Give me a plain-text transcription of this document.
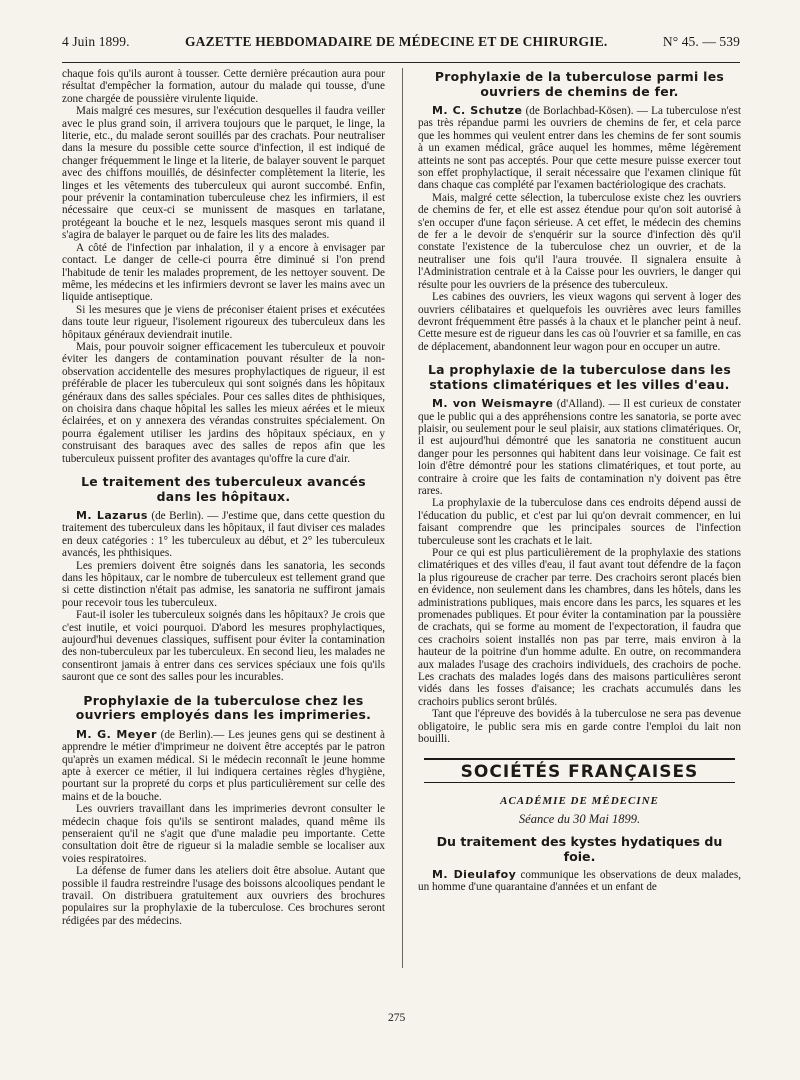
4 Juin 1899.	GAZETTE HEBDOMADAIRE DE MÉDECINE ET DE CHIRURGIE.	N° 45. — 539

chaque fois qu'ils auront à tousser. Cette dernière précaution aura pour résultat d'empêcher la formation, autour du malade qui tousse, d'une zone chargée de poussière virulente liquide.

Mais malgré ces mesures, sur l'exécution desquelles il faudra veiller avec le plus grand soin, il arrivera toujours que le parquet, le linge, la literie, etc., du malade seront souillés par des crachats. Pour neutraliser dans la mesure du possible cette source d'infection, il est indiqué de changer fréquemment le linge et la literie, de balayer souvent le parquet avec des chiffons mouillés, de désinfecter complètement la literie, les linges et les vêtements des tuberculeux qui auront succombé. Enfin, pour prévenir la contamination tuberculeuse chez les infirmiers, il est nécessaire que ceux-ci se munissent de masques en tarlatane, protégeant la bouche et le nez, lesquels masques seront mis quand il s'agira de balayer le parquet ou de faire les lits des malades.

A côté de l'infection par inhalation, il y a encore à envisager par contact. Le danger de celle-ci pourra être diminué si l'on prend l'habitude de tenir les malades proprement, de les nettoyer souvent. De même, les médecins et les infirmiers devront se laver les mains avec un liquide antiseptique.

Si les mesures que je viens de préconiser étaient prises et exécutées dans toute leur rigueur, l'isolement rigoureux des tuberculeux dans les hôpitaux généraux deviendrait inutile.

Mais, pour pouvoir soigner efficacement les tuberculeux et pouvoir éviter les dangers de contamination pouvant résulter de la non-observation accidentelle des mesures prophylactiques de rigueur, il est préférable de placer les tuberculeux qui sont soignés dans les hôpitaux généraux dans des salles spéciales. Pour ces salles dites de phthisiques, on choisira dans chaque hôpital les salles les mieux aérées et le mieux éclairées, et on y annexera des vérandas construites spécialement. On pourra également utiliser les jardins des hôpitaux spéciaux, en y construisant des baraques avec des salles de repos afin que les tuberculeux puissent profiter des avantages qu'offre la cure d'air.

Le traitement des tuberculeux avancés dans les hôpitaux.

M. Lazarus (de Berlin). — J'estime que, dans cette question du traitement des tuberculeux dans les hôpitaux, il faut diviser ces malades en deux catégories : 1° les tuberculeux au début, et 2° les tuberculeux avancés, les phthisiques.

Les premiers doivent être soignés dans les sanatoria, les seconds dans les hôpitaux, car le nombre de tuberculeux est tellement grand que si cette distinction n'était pas admise, les sanatoria ne suffiront jamais pour recevoir tous les tuberculeux.

Faut-il isoler les tuberculeux soignés dans les hôpitaux? Je crois que c'est inutile, et voici pourquoi. D'abord les mesures prophylactiques, aujourd'hui devenues classiques, suffisent pour éviter la contamination des non-tuberculeux par les tuberculeux. En second lieu, les malades ne consentiront jamais à entrer dans ces services spéciaux une fois qu'ils sauront que ce sont des salles pour les incurables.

Prophylaxie de la tuberculose chez les ouvriers employés dans les imprimeries.

M. G. Meyer (de Berlin).— Les jeunes gens qui se destinent à apprendre le métier d'imprimeur ne doivent être acceptés par le patron qu'après un examen médical. Si le médecin reconnaît le jeune homme apte à exercer ce métier, il lui indiquera certaines règles d'hygiène, pourtant sur la propreté du corps et plus particulièrement sur celle des mains et de la bouche.

Les ouvriers travaillant dans les imprimeries devront consulter le médecin chaque fois qu'ils se sentiront malades, quand même ils penseraient qu'il ne s'agit que d'une maladie peu importante. Cette consultation doit être de rigueur si la maladie semble se localiser aux voies respiratoires.

La défense de fumer dans les ateliers doit être absolue. Autant que possible il faudra restreindre l'usage des boissons alcooliques pendant le travail. On distribuera gratuitement aux ouvriers des brochures populaires sur la prophylaxie de la tuberculose. Ces brochures seront rédigées par des médecins.

Prophylaxie de la tuberculose parmi les ouvriers de chemins de fer.

M. C. Schutze (de Borlachbad-Kösen). — La tuberculose n'est pas très répandue parmi les ouvriers de chemins de fer, et cela parce que les hommes qui veulent entrer dans les chemins de fer sont soumis à un examen médical, grâce auquel les hommes, même légèrement atteints ne sont pas acceptés. Pour que cette mesure puisse exercer tout son effet prophylactique, il serait nécessaire que l'examen clinique fût dans chaque cas complété par l'examen bactériologique des crachats.

Mais, malgré cette sélection, la tuberculose existe chez les ouvriers de chemins de fer, et elle est assez étendue pour qu'on soit autorisé à s'en occuper d'une façon sérieuse. A cet effet, le médecin des chemins de fer a le devoir de s'enquérir sur la source d'infection dès qu'il constate l'existence de la tuberculose chez un ouvrier, et de la neutraliser une fois qu'il l'aura trouvée. Il signalera ensuite à l'Administration centrale et à la Caisse pour les ouvriers, le danger qui résulte pour les ouvriers de la présence des tuberculeux.

Les cabines des ouvriers, les vieux wagons qui servent à loger des ouvriers célibataires et quelquefois les ouvrières avec leurs familles devront fréquemment être passés à la chaux et le plancher peint à neuf. Cette mesure est de rigueur dans les cas où l'ouvrier et sa famille, en cas de déplacement, abandonnent leur wagon pour en occuper un autre.

La prophylaxie de la tuberculose dans les stations climatériques et les villes d'eau.

M. von Weismayre (d'Alland). — Il est curieux de constater que le public qui a des appréhensions contre les sanatoria, se porte avec plaisir, ou seulement pour le seul plaisir, aux stations climatériques. Or, il est aujourd'hui démontré que les sanatoria ne constituent aucun danger pour les personnes qui habitent dans leur voisinage. Ce fait est loin d'être démontré pour les stations climatériques, et tout porte, au contraire à croire que les faits de contamination n'y doivent pas être rares.

La prophylaxie de la tuberculose dans ces endroits dépend aussi de l'éducation du public, et c'est par lui qu'on devrait commencer, en lui faisant comprendre que les principales sources de l'infection tuberculeuse sont les crachats et le lait.

Pour ce qui est plus particulièrement de la prophylaxie des stations climatériques et des villes d'eau, il faut avant tout défendre de la façon la plus rigoureuse de cracher par terre. Des crachoirs seront placés bien en évidence, non seulement dans les chambres, dans les hôtels, dans les administrations publiques, mais encore dans les parcs, les squares et les promenades publiques. Et pour éviter la contamination par la poussière de crachats, qui se forme au moment de l'expectoration, il faudra que ces crachoirs soient installés non pas par terre, mais environ à la hauteur de la poitrine d'un homme adulte. En outre, on recommandera aux malades l'usage des crachoirs individuels, des crachoirs de poche. Les crachats des malades logés dans des maisons particulières seront vidés dans les fosses d'aisance; les crachats accumulés dans les crachoirs publics seront brûlés.

Tant que l'épreuve des bovidés à la tuberculose ne sera pas devenue obligatoire, le public sera mis en garde contre l'emploi du lait non bouilli.

SOCIÉTÉS FRANÇAISES
ACADÉMIE DE MÉDECINE
Séance du 30 Mai 1899.
Du traitement des kystes hydatiques du foie.

M. Dieulafoy communique les observations de deux malades, un homme d'une quarantaine d'années et un enfant de

275
